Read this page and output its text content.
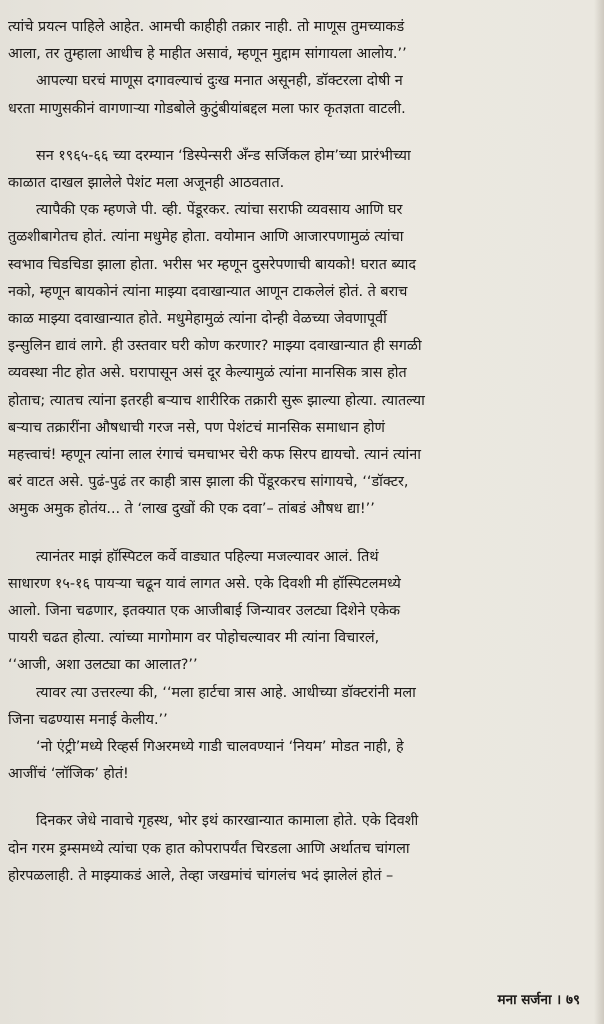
त्यांचे प्रयत्न पाहिले आहेत. आमची काहीही तक्रार नाही. तो माणूस तुमच्याकडं
आला, तर तुम्हाला आधीच हे माहीत असावं, म्हणून मुद्दाम सांगायला आलोय.’’
आपल्या घरचं माणूस दगावल्याचं दुःख मनात असूनही, डॉक्टरला दोषी न
धरता माणुसकीनं वागणाऱ्या गोडबोले कुटुंबीयांबद्दल मला फार कृतज्ञता वाटली.
सन १९६५-६६ च्या दरम्यान ‘डिस्पेन्सरी अँन्ड सर्जिकल होम’च्या प्रारंभीच्या
काळात दाखल झालेले पेशंट मला अजूनही आठवतात.
त्यापैकी एक म्हणजे पी. व्ही. पेंडूरकर. त्यांचा सराफी व्यवसाय आणि घर
तुळशीबागेतच होतं. त्यांना मधुमेह होता. वयोमान आणि आजारपणामुळं त्यांचा
स्वभाव चिडचिडा झाला होता. भरीस भर म्हणून दुसरेपणाची बायको! घरात ब्याद
नको, म्हणून बायकोनं त्यांना माझ्या दवाखान्यात आणून टाकलेलं होतं. ते बराच
काळ माझ्या दवाखान्यात होते. मधुमेहामुळं त्यांना दोन्ही वेळच्या जेवणापूर्वी
इन्सुलिन द्यावं लागे. ही उस्तवार घरी कोण करणार? माझ्या दवाखान्यात ही सगळी
व्यवस्था नीट होत असे. घरापासून असं दूर केल्यामुळं त्यांना मानसिक त्रास होत
होताच; त्यातच त्यांना इतरही बऱ्याच शारीरिक तक्रारी सुरू झाल्या होत्या. त्यातल्या
बऱ्याच तक्रारींना औषधाची गरज नसे, पण पेशंटचं मानसिक समाधान होणं
महत्त्वाचं! म्हणून त्यांना लाल रंगाचं चमचाभर चेरी कफ सिरप द्यायचो. त्यानं त्यांना
बरं वाटत असे. पुढं-पुढं तर काही त्रास झाला की पेंडूरकरच सांगायचे, ‘‘डॉक्टर,
अमुक अमुक होतंय... ते ‘लाख दुखों की एक दवा’– तांबडं औषध द्या!’’
त्यानंतर माझं हॉस्पिटल कर्वे वाड्यात पहिल्या मजल्यावर आलं. तिथं
साधारण १५-१६ पायऱ्या चढून यावं लागत असे. एके दिवशी मी हॉस्पिटलमध्ये
आलो. जिना चढणार, इतक्यात एक आजीबाई जिन्यावर उलट्या दिशेने एकेक
पायरी चढत होत्या. त्यांच्या मागोमाग वर पोहोचल्यावर मी त्यांना विचारलं,
‘‘आजी, अशा उलट्या का आलात?’’
त्यावर त्या उत्तरल्या की, ‘‘मला हार्टचा त्रास आहे. आधीच्या डॉक्टरांनी मला
जिना चढण्यास मनाई केलीय.’’
‘नो एंट्री’मध्ये रिव्हर्स गिअरमध्ये गाडी चालवण्यानं ‘नियम’ मोडत नाही, हे
आजींचं ‘लॉजिक’ होतं!
दिनकर जेधे नावाचे गृहस्थ, भोर इथं कारखान्यात कामाला होते. एके दिवशी
दोन गरम ड्रम्समध्ये त्यांचा एक हात कोपरापर्यंत चिरडला आणि अर्थातच चांगला
होरपळलाही. ते माझ्याकडं आले, तेव्हा जखमांचं चांगलंच भदं झालेलं होतं –
मना सर्जना । ७९
